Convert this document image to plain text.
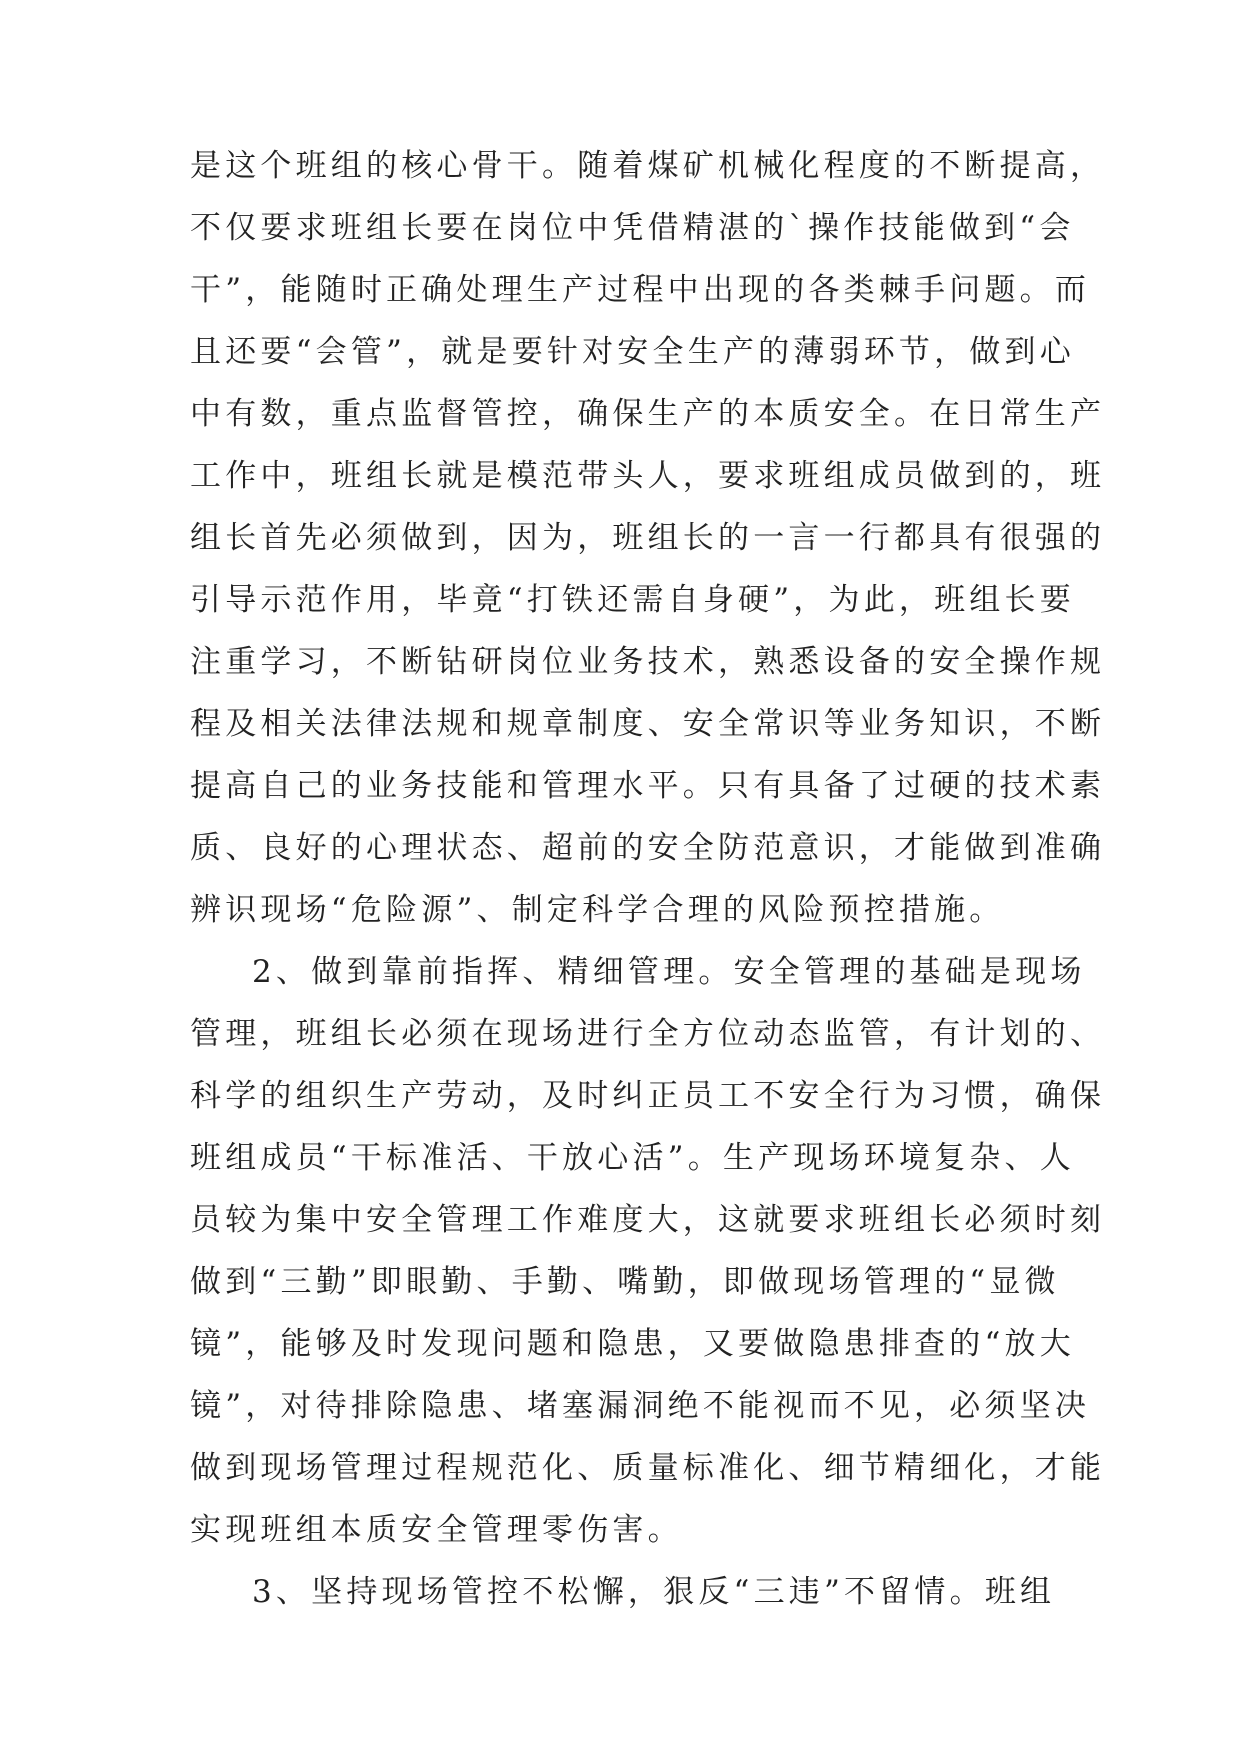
是这个班组的核心骨干。随着煤矿机械化程度的不断提高，

不仅要求班组长要在岗位中凭借精湛的`操作技能做到“会

干”，能随时正确处理生产过程中出现的各类棘手问题。而

且还要“会管”，就是要针对安全生产的薄弱环节，做到心

中有数，重点监督管控，确保生产的本质安全。在日常生产

工作中，班组长就是模范带头人，要求班组成员做到的，班

组长首先必须做到，因为，班组长的一言一行都具有很强的

引导示范作用，毕竟“打铁还需自身硬”，为此，班组长要

注重学习，不断钻研岗位业务技术，熟悉设备的安全操作规

程及相关法律法规和规章制度、安全常识等业务知识，不断

提高自己的业务技能和管理水平。只有具备了过硬的技术素

质、良好的心理状态、超前的安全防范意识，才能做到准确

辨识现场“危险源”、制定科学合理的风险预控措施。

2、做到靠前指挥、精细管理。安全管理的基础是现场

管理，班组长必须在现场进行全方位动态监管，有计划的、

科学的组织生产劳动，及时纠正员工不安全行为习惯，确保

班组成员“干标准活、干放心活”。生产现场环境复杂、人

员较为集中安全管理工作难度大，这就要求班组长必须时刻

做到“三勤”即眼勤、手勤、嘴勤，即做现场管理的“显微

镜”，能够及时发现问题和隐患，又要做隐患排查的“放大

镜”，对待排除隐患、堵塞漏洞绝不能视而不见，必须坚决

做到现场管理过程规范化、质量标准化、细节精细化，才能

实现班组本质安全管理零伤害。

3、坚持现场管控不松懈，狠反“三违”不留情。班组
